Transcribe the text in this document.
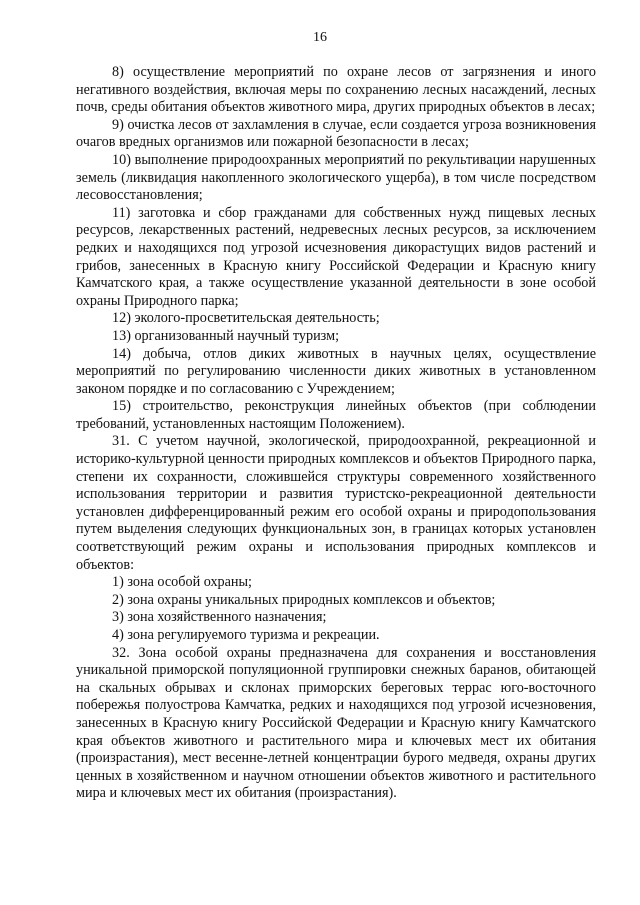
16

8) осуществление мероприятий по охране лесов от загрязнения и иного негативного воздействия, включая меры по сохранению лесных насаждений, лесных почв, среды обитания объектов животного мира, других природных объектов в лесах;

9) очистка лесов от захламления в случае, если создается угроза возникновения очагов вредных организмов или пожарной безопасности в лесах;

10) выполнение природоохранных мероприятий по рекультивации нарушенных земель (ликвидация накопленного экологического ущерба), в том числе посредством лесовосстановления;

11) заготовка и сбор гражданами для собственных нужд пищевых лесных ресурсов, лекарственных растений, недревесных лесных ресурсов, за исключением редких и находящихся под угрозой исчезновения дикорастущих видов растений и грибов, занесенных в Красную книгу Российской Федерации и Красную книгу Камчатского края, а также осуществление указанной деятельности в зоне особой охраны Природного парка;

12) эколого-просветительская деятельность;

13) организованный научный туризм;

14) добыча, отлов диких животных в научных целях, осуществление мероприятий по регулированию численности диких животных в установленном законом порядке и по согласованию с Учреждением;

15) строительство, реконструкция линейных объектов (при соблюдении требований, установленных настоящим Положением).

31. С учетом научной, экологической, природоохранной, рекреационной и историко-культурной ценности природных комплексов и объектов Природного парка, степени их сохранности, сложившейся структуры современного хозяйственного использования территории и развития туристско-рекреационной деятельности установлен дифференцированный режим его особой охраны и природопользования путем выделения следующих функциональных зон, в границах которых установлен соответствующий режим охраны и использования природных комплексов и объектов:

1) зона особой охраны;

2) зона охраны уникальных природных комплексов и объектов;

3) зона хозяйственного назначения;

4) зона регулируемого туризма и рекреации.

32. Зона особой охраны предназначена для сохранения и восстановления уникальной приморской популяционной группировки снежных баранов, обитающей на скальных обрывах и склонах приморских береговых террас юго-восточного побережья полуострова Камчатка, редких и находящихся под угрозой исчезновения, занесенных в Красную книгу Российской Федерации и Красную книгу Камчатского края объектов животного и растительного мира и ключевых мест их обитания (произрастания), мест весенне-летней концентрации бурого медведя, охраны других ценных в хозяйственном и научном отношении объектов животного и растительного мира и ключевых мест их обитания (произрастания).
